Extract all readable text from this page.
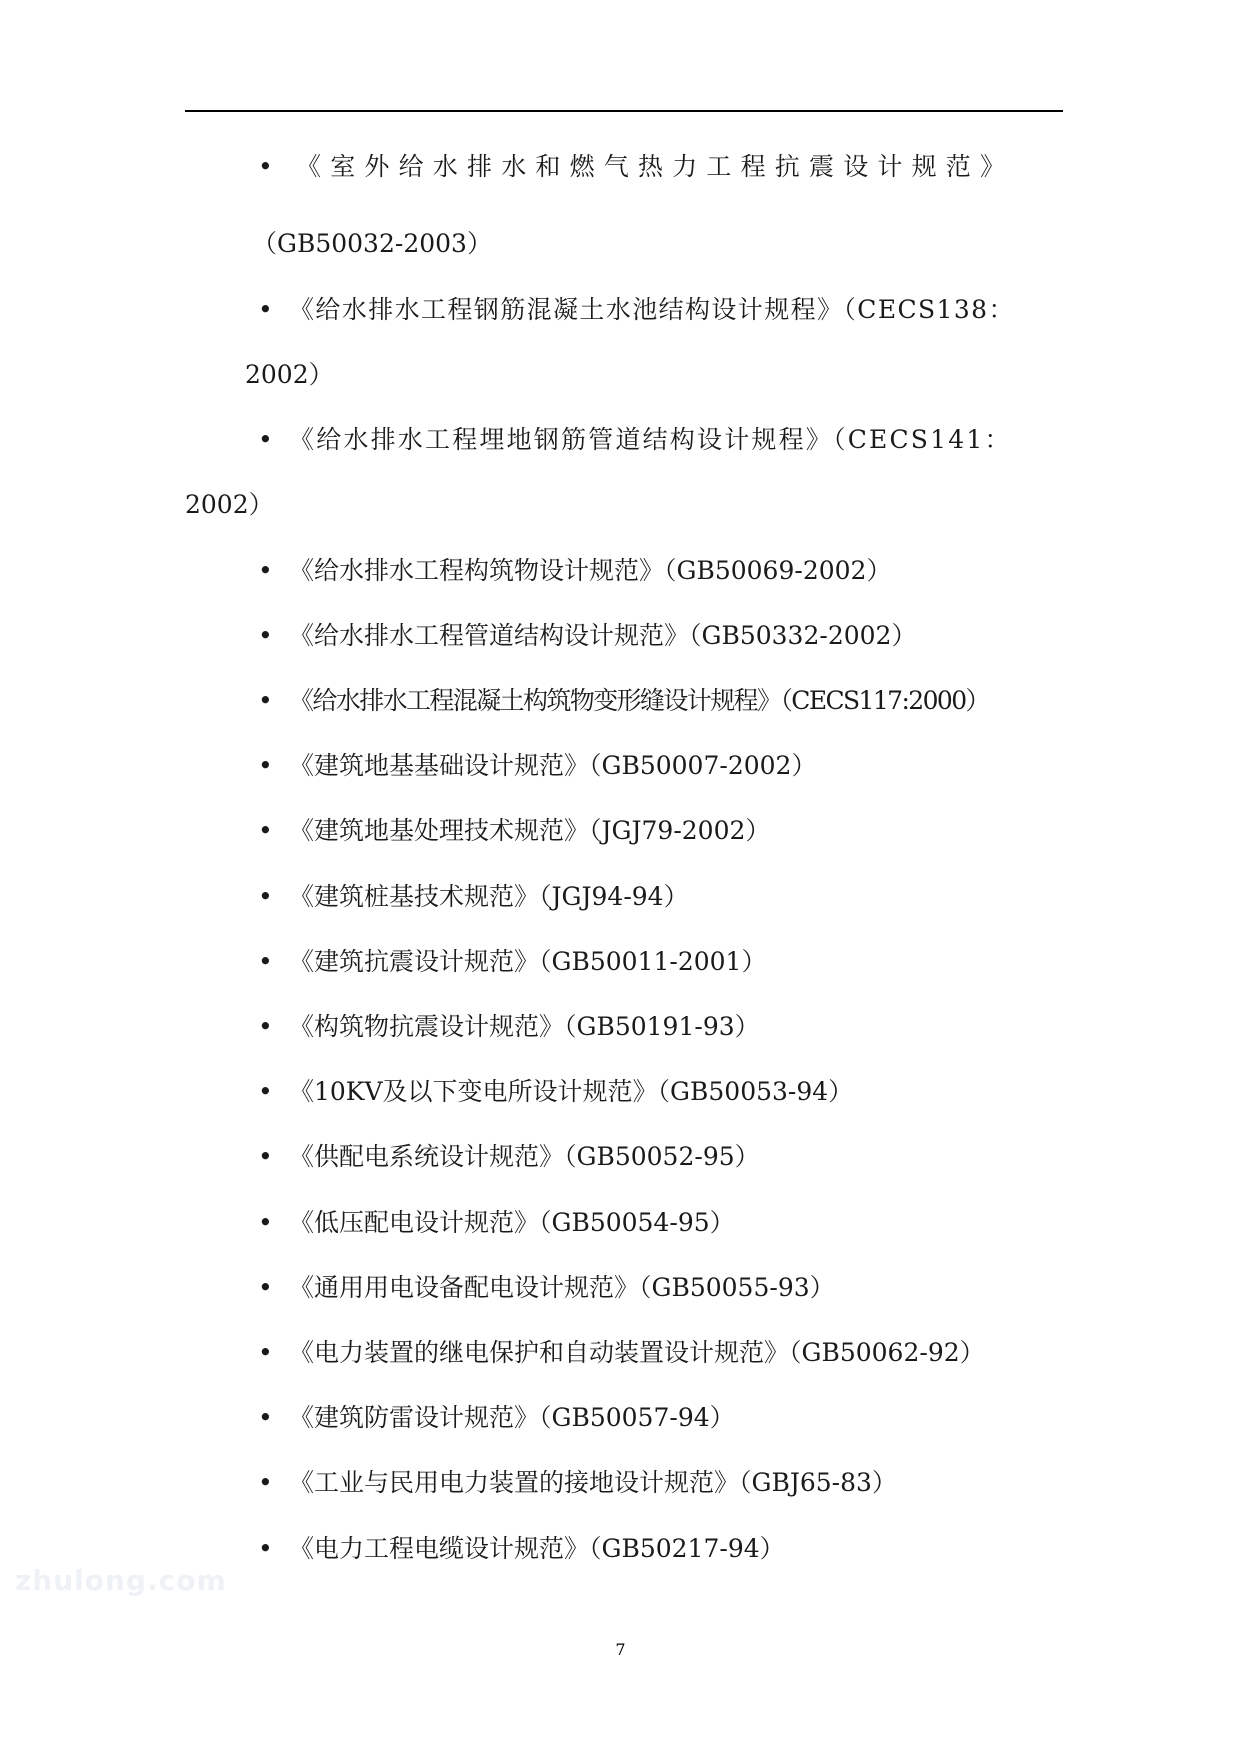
• 《室外给水排水和燃气热力工程抗震设计规范》
（GB50032-2003）
• 《给水排水工程钢筋混凝土水池结构设计规程》（CECS138：
2002）
• 《给水排水工程埋地钢筋管道结构设计规程》（CECS141：
2002）
• 《给水排水工程构筑物设计规范》（GB50069-2002）
• 《给水排水工程管道结构设计规范》（GB50332-2002）
• 《给水排水工程混凝土构筑物变形缝设计规程》（CECS117:2000）
• 《建筑地基基础设计规范》（GB50007-2002）
• 《建筑地基处理技术规范》（JGJ79-2002）
• 《建筑桩基技术规范》（JGJ94-94）
• 《建筑抗震设计规范》（GB50011-2001）
• 《构筑物抗震设计规范》（GB50191-93）
• 《10KV及以下变电所设计规范》（GB50053-94）
• 《供配电系统设计规范》（GB50052-95）
• 《低压配电设计规范》（GB50054-95）
• 《通用用电设备配电设计规范》（GB50055-93）
• 《电力装置的继电保护和自动装置设计规范》（GB50062-92）
• 《建筑防雷设计规范》（GB50057-94）
• 《工业与民用电力装置的接地设计规范》（GBJ65-83）
• 《电力工程电缆设计规范》（GB50217-94）
zhulong.com
7
